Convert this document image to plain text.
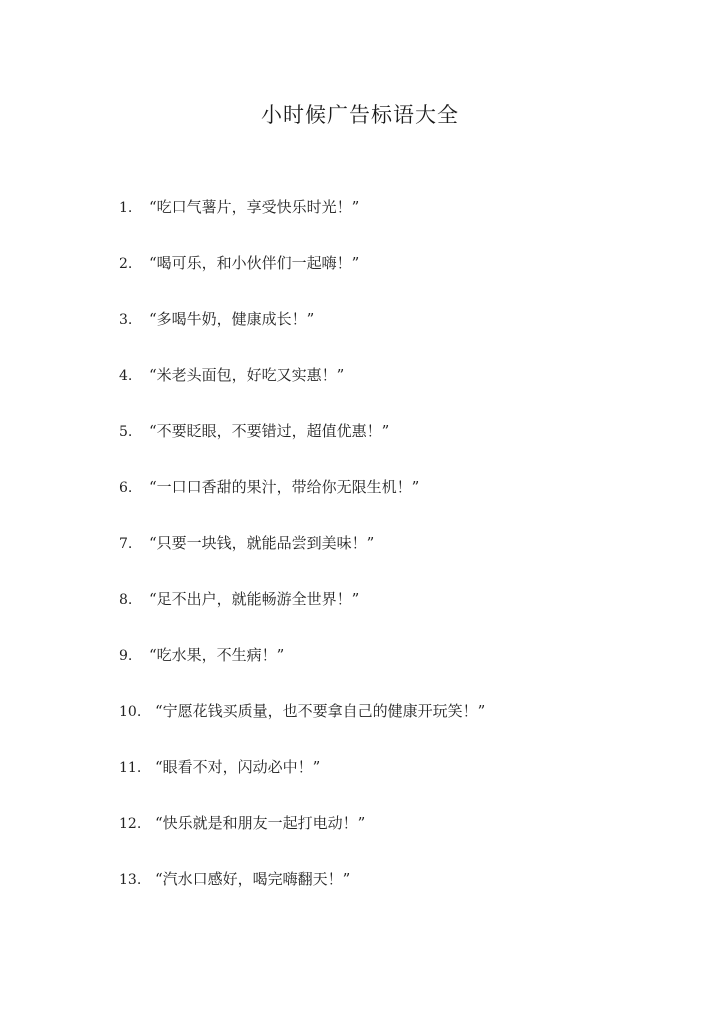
小时候广告标语大全
1. “吃口气薯片，享受快乐时光！”
2. “喝可乐，和小伙伴们一起嗨！”
3. “多喝牛奶，健康成长！”
4. “米老头面包，好吃又实惠！”
5. “不要眨眼，不要错过，超值优惠！”
6. “一口口香甜的果汁，带给你无限生机！”
7. “只要一块钱，就能品尝到美味！”
8. “足不出户，就能畅游全世界！”
9. “吃水果，不生病！”
10. “宁愿花钱买质量，也不要拿自己的健康开玩笑！”
11. “眼看不对，闪动必中！”
12. “快乐就是和朋友一起打电动！”
13. “汽水口感好，喝完嗨翻天！”
